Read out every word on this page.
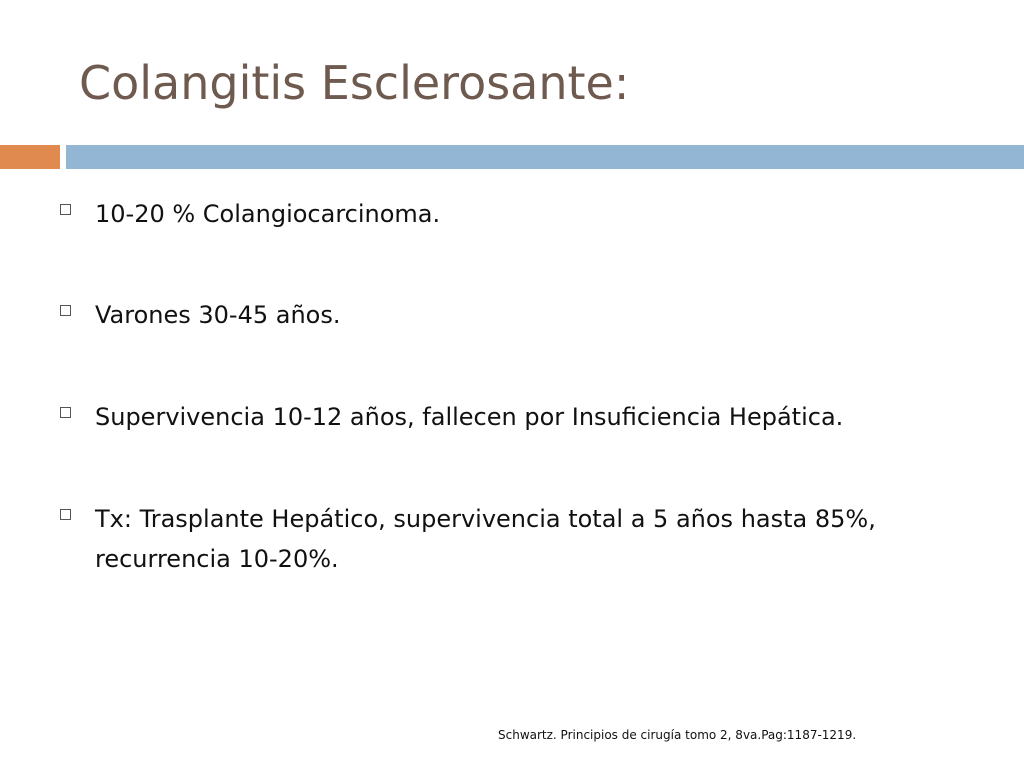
Colangitis Esclerosante:
10-20 % Colangiocarcinoma.
Varones 30-45 años.
Supervivencia 10-12 años, fallecen por Insuficiencia Hepática.
Tx: Trasplante Hepático, supervivencia total a 5 años hasta 85%, recurrencia 10-20%.
Schwartz. Principios de cirugía tomo 2, 8va.Pag:1187-1219.
